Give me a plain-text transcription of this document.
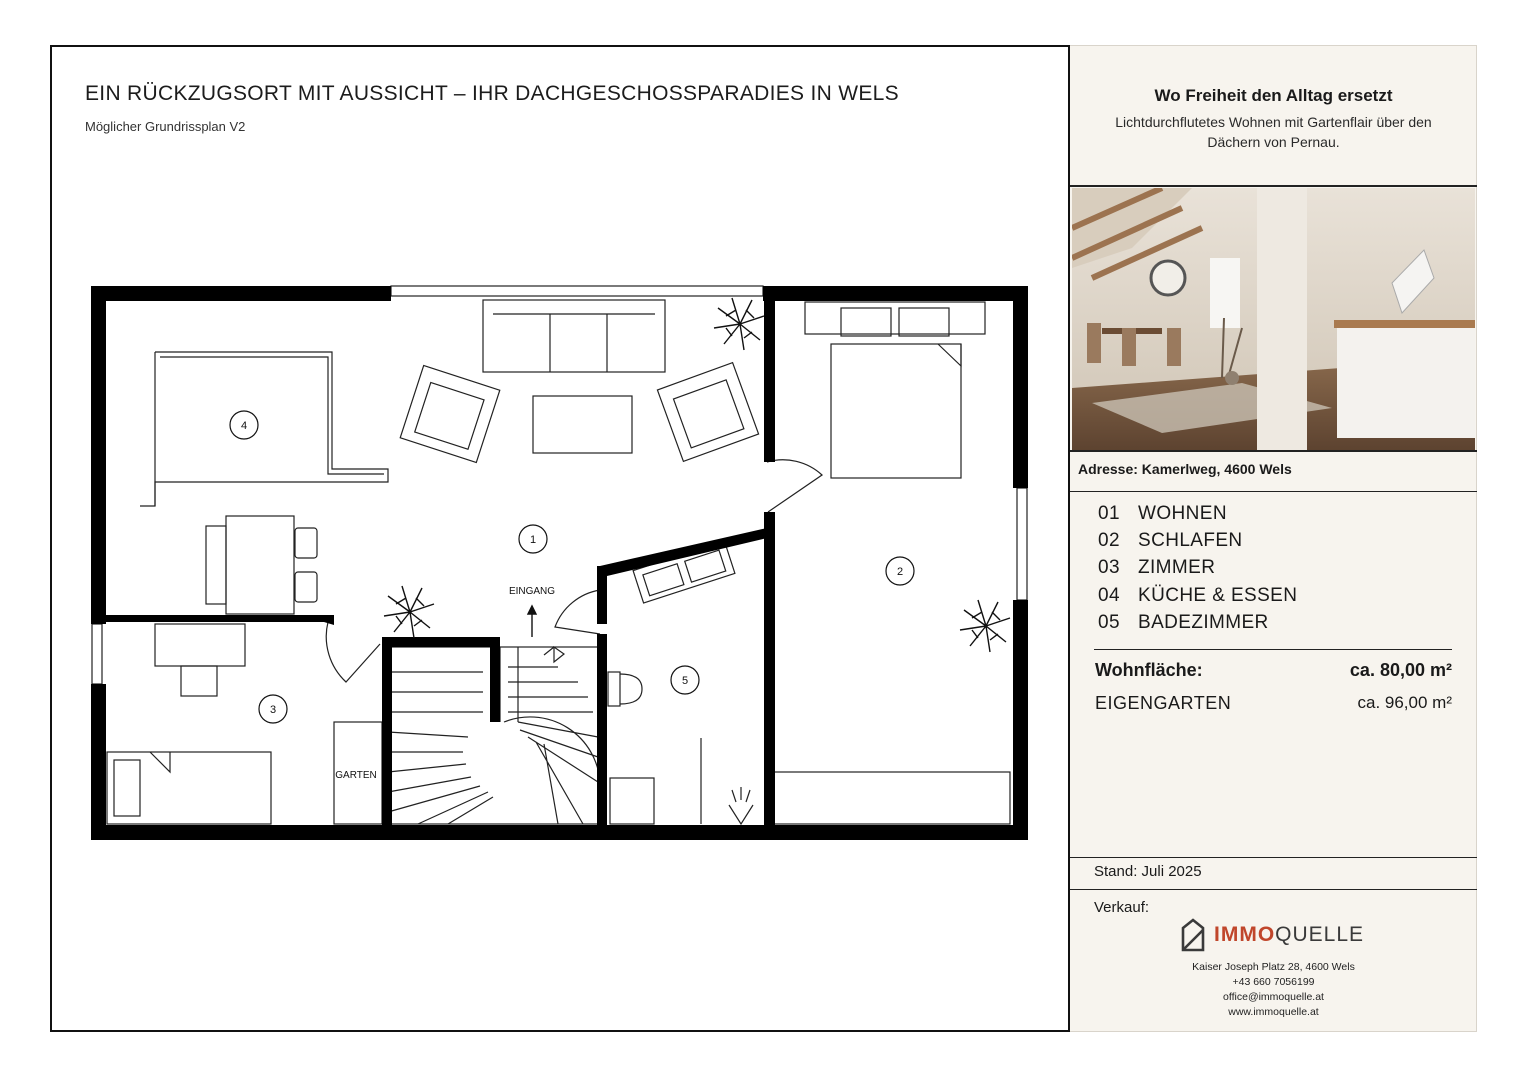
EIN RÜCKZUGSORT MIT AUSSICHT – IHR DACHGESCHOSSPARADIES IN WELS
Möglicher Grundrissplan V2
1
2
3
4
5
EINGANG
GARTEN
Wo Freiheit den Alltag ersetzt
Lichtdurchflutetes Wohnen mit Gartenflair über den Dächern von Pernau.
Adresse: Kamerlweg, 4600 Wels
01 WOHNEN
02 SCHLAFEN
03 ZIMMER
04 KÜCHE & ESSEN
05 BADEZIMMER
Wohnfläche:	ca. 80,00 m²
EIGENGARTEN	ca. 96,00 m²
Stand: Juli 2025
Verkauf:
IMMOQUELLE
Kaiser Joseph Platz 28, 4600 Wels
+43 660 7056199
office@immoquelle.at
www.immoquelle.at
